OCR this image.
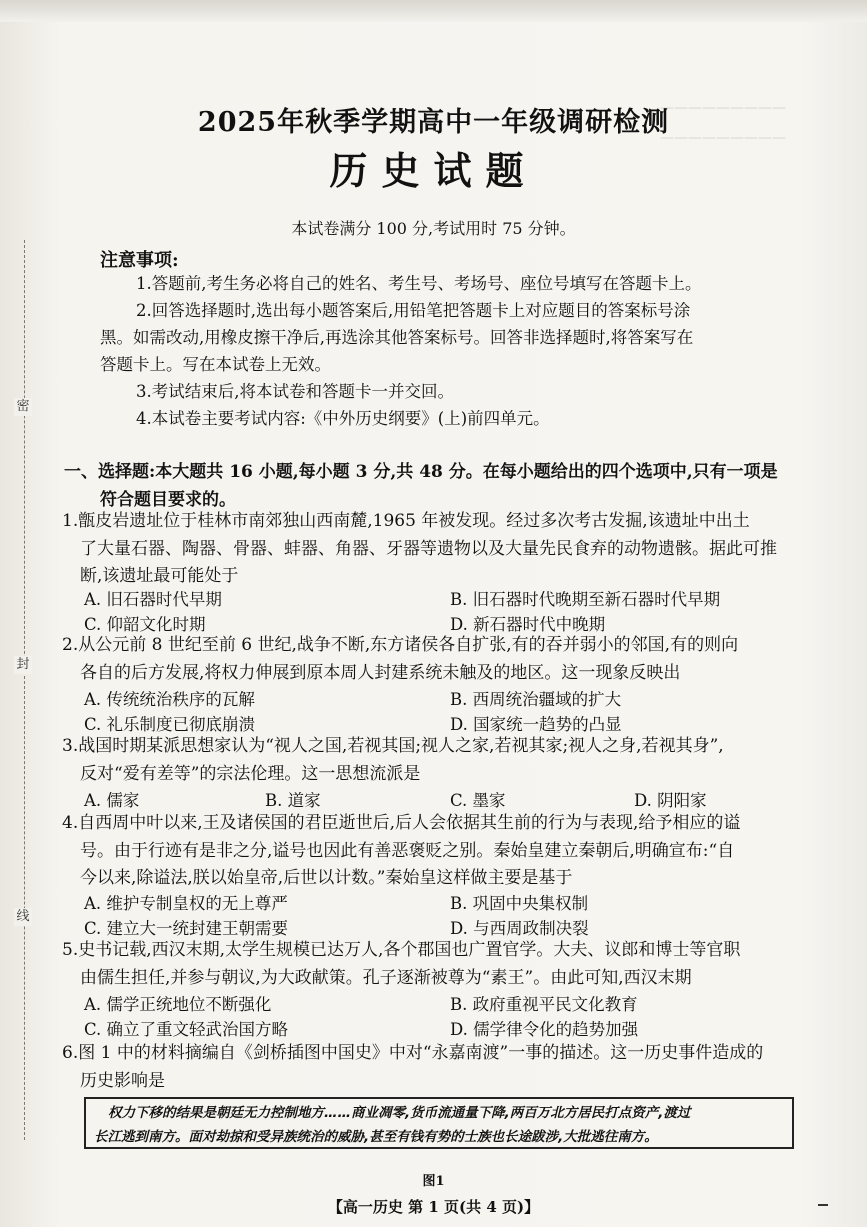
—————————
—————————
密
封
线
2025年秋季学期高中一年级调研检测
历史试题
本试卷满分 100 分,考试用时 75 分钟。
注意事项:
1.答题前,考生务必将自己的姓名、考生号、考场号、座位号填写在答题卡上。
2.回答选择题时,选出每小题答案后,用铅笔把答题卡上对应题目的答案标号涂
黑。如需改动,用橡皮擦干净后,再选涂其他答案标号。回答非选择题时,将答案写在
答题卡上。写在本试卷上无效。
3.考试结束后,将本试卷和答题卡一并交回。
4.本试卷主要考试内容:《中外历史纲要》(上)前四单元。
一、选择题:本大题共 16 小题,每小题 3 分,共 48 分。在每小题给出的四个选项中,只有一项是
符合题目要求的。
1.甑皮岩遗址位于桂林市南郊独山西南麓,1965 年被发现。经过多次考古发掘,该遗址中出土
了大量石器、陶器、骨器、蚌器、角器、牙器等遗物以及大量先民食弃的动物遗骸。据此可推
断,该遗址最可能处于
A. 旧石器时代早期	B. 旧石器时代晚期至新石器时代早期
C. 仰韶文化时期	D. 新石器时代中晚期
2.从公元前 8 世纪至前 6 世纪,战争不断,东方诸侯各自扩张,有的吞并弱小的邻国,有的则向
各自的后方发展,将权力伸展到原本周人封建系统未触及的地区。这一现象反映出
A. 传统统治秩序的瓦解	B. 西周统治疆域的扩大
C. 礼乐制度已彻底崩溃	D. 国家统一趋势的凸显
3.战国时期某派思想家认为“视人之国,若视其国;视人之家,若视其家;视人之身,若视其身”,
反对“爱有差等”的宗法伦理。这一思想流派是
A. 儒家	B. 道家	C. 墨家	D. 阴阳家
4.自西周中叶以来,王及诸侯国的君臣逝世后,后人会依据其生前的行为与表现,给予相应的谥
号。由于行迹有是非之分,谥号也因此有善恶褒贬之别。秦始皇建立秦朝后,明确宣布:“自
今以来,除谥法,朕以始皇帝,后世以计数。”秦始皇这样做主要是基于
A. 维护专制皇权的无上尊严	B. 巩固中央集权制
C. 建立大一统封建王朝需要	D. 与西周政制决裂
5.史书记载,西汉末期,太学生规模已达万人,各个郡国也广置官学。大夫、议郎和博士等官职
由儒生担任,并参与朝议,为大政献策。孔子逐渐被尊为“素王”。由此可知,西汉末期
A. 儒学正统地位不断强化	B. 政府重视平民文化教育
C. 确立了重文轻武治国方略	D. 儒学律令化的趋势加强
6.图 1 中的材料摘编自《剑桥插图中国史》中对“永嘉南渡”一事的描述。这一历史事件造成的
历史影响是
权力下移的结果是朝廷无力控制地方……商业凋零,货币流通量下降,两百万北方居民打点资产,渡过
长江逃到南方。面对劫掠和受异族统治的威胁,甚至有钱有势的士族也长途跋涉,大批逃往南方。
图1
【高一历史 第 1 页(共 4 页)】
